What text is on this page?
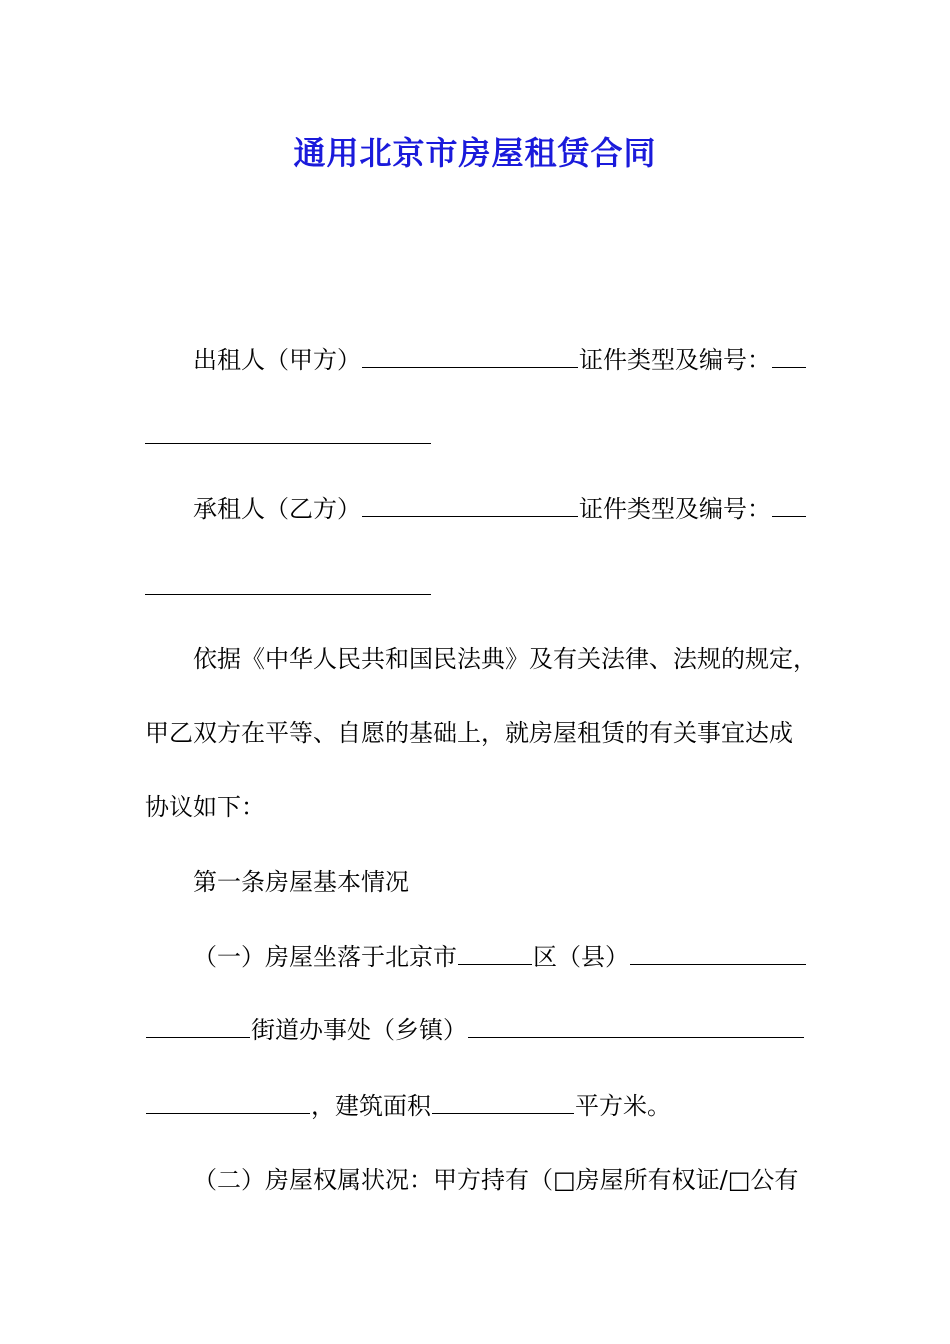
通用北京市房屋租赁合同
出租人（甲方）	证件类型及编号：
承租人（乙方）	证件类型及编号：
依据《中华人民共和国民法典》及有关法律、法规的规定，
甲乙双方在平等、自愿的基础上，就房屋租赁的有关事宜达成
协议如下：
第一条房屋基本情况
（一）房屋坐落于北京市	区（县）
街道办事处（乡镇）
，建筑面积	平方米。
（二）房屋权属状况：甲方持有（□房屋所有权证/□公有
